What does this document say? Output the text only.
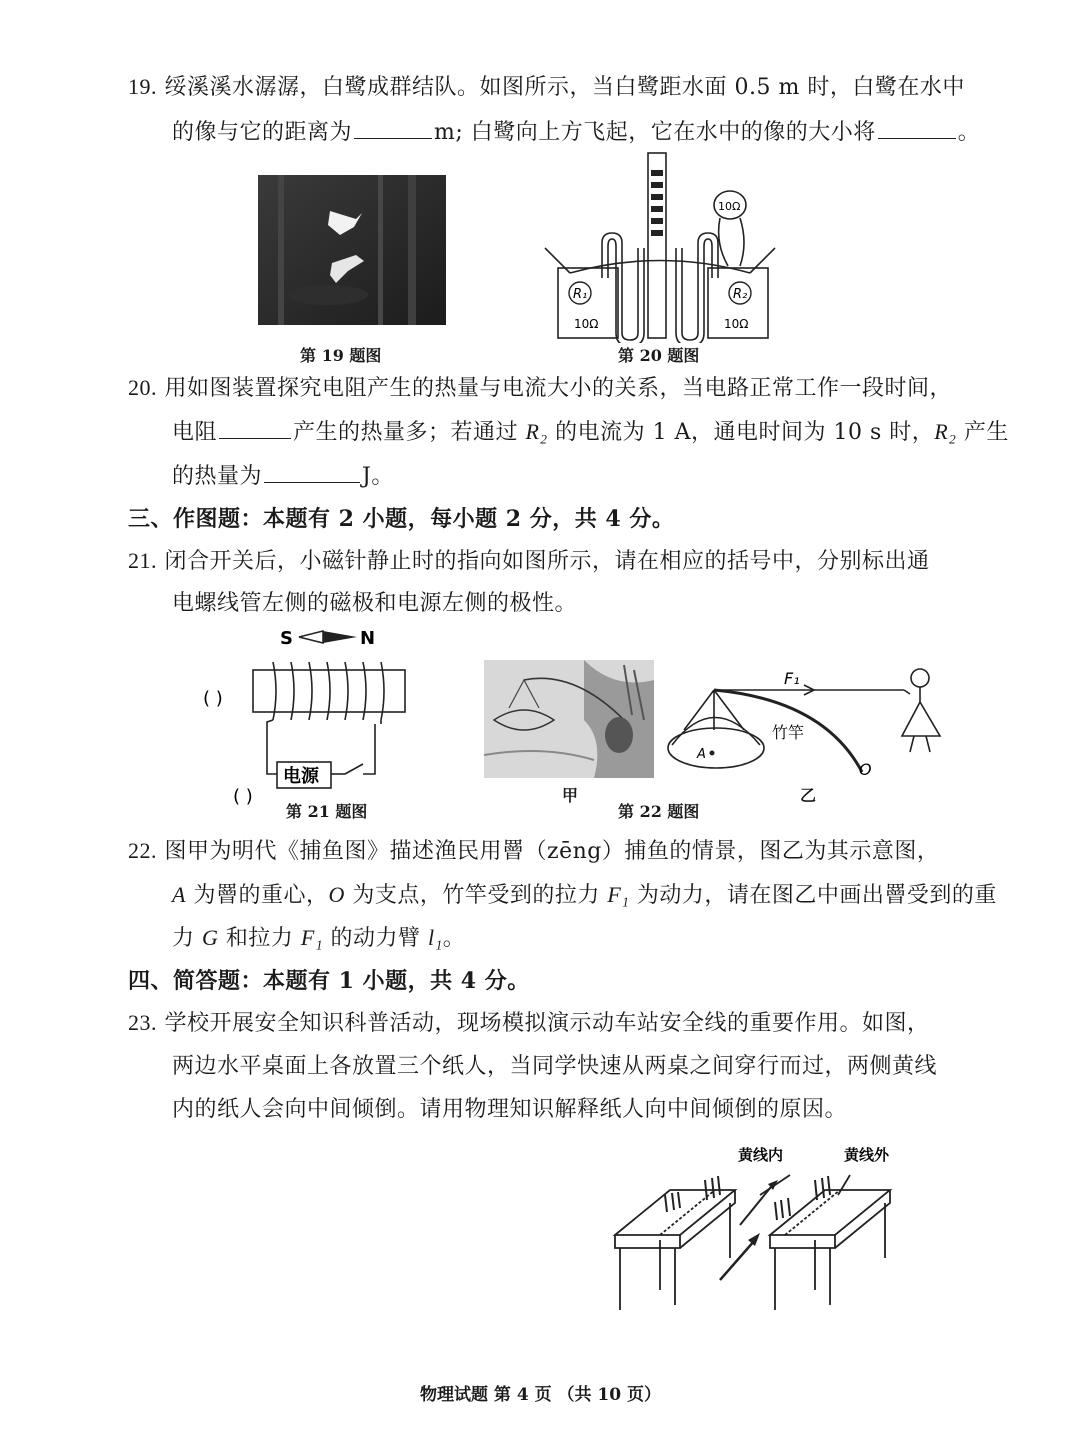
19. 绥溪溪水潺潺，白鹭成群结队。如图所示，当白鹭距水面 0.5 m 时，白鹭在水中
的像与它的距离为	m; 白鹭向上方飞起，它在水中的像的大小将	。
第 19 题图
R₁	R₂
10Ω	10Ω
10Ω
第 20 题图
20. 用如图装置探究电阻产生的热量与电流大小的关系，当电路正常工作一段时间，
电阻	产生的热量多；若通过 R₂ 的电流为 1 A，通电时间为 10 s 时，R₂ 产生
的热量为	J。
三、作图题：本题有 2 小题，每小题 2 分，共 4 分。
21. 闭合开关后，小磁针静止时的指向如图所示，请在相应的括号中，分别标出通
电螺线管左侧的磁极和电源左侧的极性。
S	N
电源
( )
( )
第 21 题图
甲
F₁
竹竿
O
A
乙
第 22 题图
22. 图甲为明代《捕鱼图》描述渔民用罾（zēng）捕鱼的情景，图乙为其示意图，
A 为罾的重心，O 为支点，竹竿受到的拉力 F₁ 为动力，请在图乙中画出罾受到的重
力 G 和拉力 F₁ 的动力臂 l₁。
四、简答题：本题有 1 小题，共 4 分。
23. 学校开展安全知识科普活动，现场模拟演示动车站安全线的重要作用。如图，
两边水平桌面上各放置三个纸人，当同学快速从两桌之间穿行而过，两侧黄线
内的纸人会向中间倾倒。请用物理知识解释纸人向中间倾倒的原因。
黄线内	黄线外
物理试题 第 4 页 （共 10 页）
